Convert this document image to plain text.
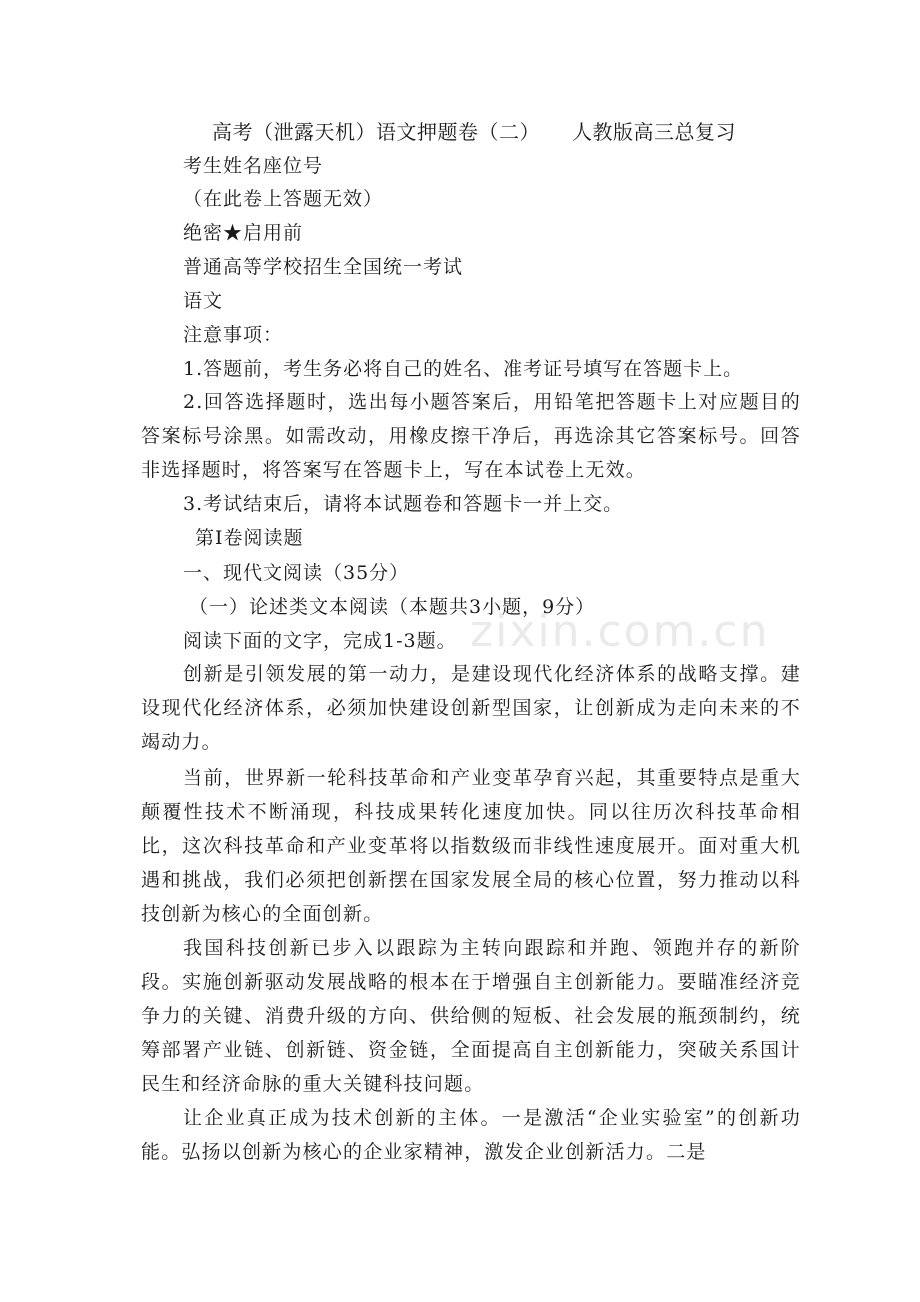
zixin.com.cn
高考（泄露天机）语文押题卷（二） 人教版高三总复习
考生姓名座位号
（在此卷上答题无效）
绝密★启用前
普通高等学校招生全国统一考试
语文
注意事项：
1.答题前，考生务必将自己的姓名、准考证号填写在答题卡上。
2.回答选择题时，选出每小题答案后，用铅笔把答题卡上对应题目的答案标号涂黑。如需改动，用橡皮擦干净后，再选涂其它答案标号。回答非选择题时，将答案写在答题卡上，写在本试卷上无效。
3.考试结束后，请将本试题卷和答题卡一并上交。
第Ⅰ卷阅读题
一、现代文阅读（35分）
（一）论述类文本阅读（本题共3小题，9分）
阅读下面的文字，完成1-3题。
创新是引领发展的第一动力，是建设现代化经济体系的战略支撑。建设现代化经济体系，必须加快建设创新型国家，让创新成为走向未来的不竭动力。
当前，世界新一轮科技革命和产业变革孕育兴起，其重要特点是重大颠覆性技术不断涌现，科技成果转化速度加快。同以往历次科技革命相比，这次科技革命和产业变革将以指数级而非线性速度展开。面对重大机遇和挑战，我们必须把创新摆在国家发展全局的核心位置，努力推动以科技创新为核心的全面创新。
我国科技创新已步入以跟踪为主转向跟踪和并跑、领跑并存的新阶段。实施创新驱动发展战略的根本在于增强自主创新能力。要瞄准经济竞争力的关键、消费升级的方向、供给侧的短板、社会发展的瓶颈制约，统筹部署产业链、创新链、资金链，全面提高自主创新能力，突破关系国计民生和经济命脉的重大关键科技问题。
让企业真正成为技术创新的主体。一是激活“企业实验室”的创新功能。弘扬以创新为核心的企业家精神，激发企业创新活力。二是
